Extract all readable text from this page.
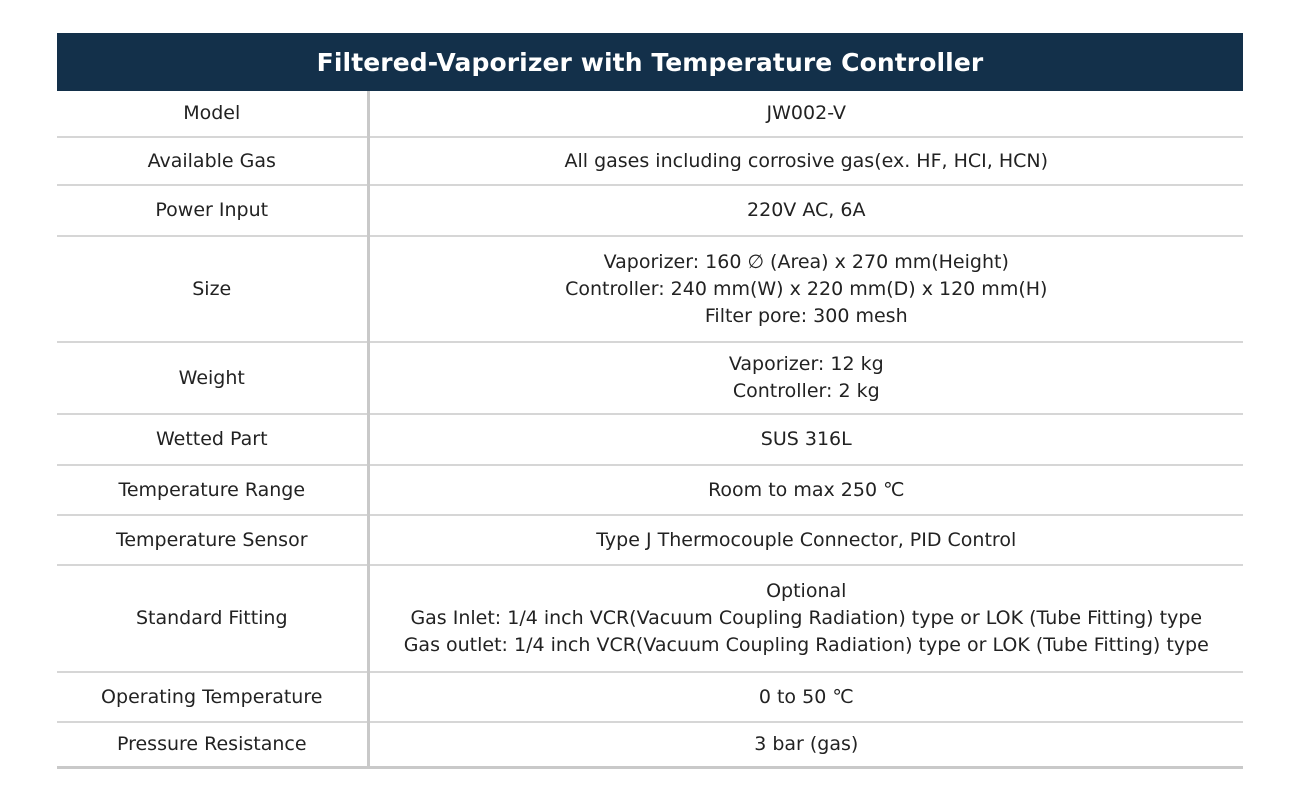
Filtered-Vaporizer with Temperature Controller	
Model	JW002-V

Available Gas	All gases including corrosive gas(ex. HF, HCI, HCN)

Power Input	220V AC, 6A

Size	Vaporizer: 160 ∅ (Area) x 270 mm(Height)
Controller: 240 mm(W) x 220 mm(D) x 120 mm(H)
Filter pore: 300 mesh

Weight	Vaporizer: 12 kg
Controller: 2 kg

Wetted Part	SUS 316L

Temperature Range	Room to max 250 ℃

Temperature Sensor	Type J Thermocouple Connector, PID Control

Standard Fitting	Optional
Gas Inlet: 1/4 inch VCR(Vacuum Coupling Radiation) type or LOK (Tube Fitting) type
Gas outlet: 1/4 inch VCR(Vacuum Coupling Radiation) type or LOK (Tube Fitting) type

Operating Temperature	0 to 50 ℃

Pressure Resistance	3 bar (gas)
